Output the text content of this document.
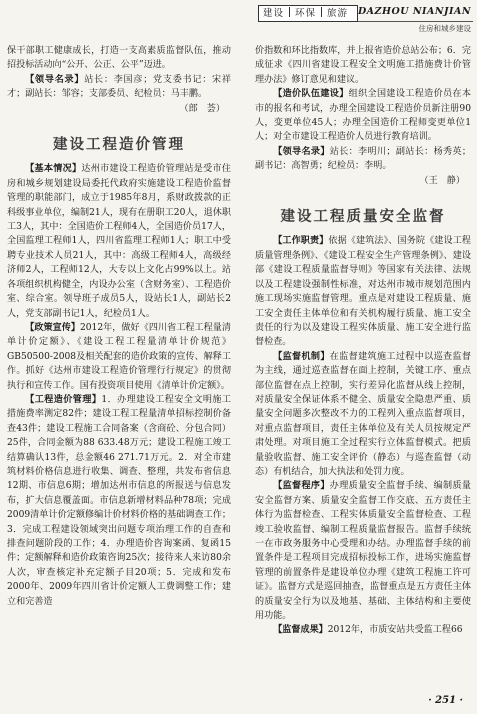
建设 环保 旅游	DAZHOU NIANJIAN
住房和城乡建设

保干部职工健康成长，打造一支高素质监督队伍，推动招投标活动向“公开、公正、公平”迈进。

【领导名录】站长：李国彦；党支委书记：宋祥才；副站长：邹容；支部委员、纪检员：马丰鹏。

（郎　荟）

建设工程造价管理

【基本情况】达州市建设工程造价管理站是受市住房和城乡规划建设局委托代政府实施建设工程造价监督管理的职能部门，成立于1985年8月，系财政拨款的正科级事业单位，编制21人，现有在册职工20人，退休职工3人，其中：全国造价工程师4人，全国造价员17人，全国监理工程师1人，四川省监理工程师1人；职工中受聘专业技术人员21人，其中：高级工程师4人，高级经济师2人，工程师12人，大专以上文化占99%以上。站各项组织机构健全，内设办公室（含财务室）、工程造价室、综合室。领导班子成员5人，设站长1人，副站长2人，党支部副书记1人，纪检员1人。

【政策宣传】2012年，做好《四川省工程工程量清单计价定额》、《建设工程工程量清单计价规范》GB50500-2008及相关配套的造价政策的宣传、解释工作。抓好《达州市建设工程造价管理行行规定》的贯彻执行和宣传工作。国有投资项目使用《清单计价定额》。

【工程造价管理】1．办理建设工程安全文明施工措施费率测定82件；建设工程工程量清单招标控制价备查43件；建设工程施工合同备案（含商砼、分包合同）25件，合同金额为88 633.48万元；建设工程施工竣工结算确认13件，总金额46 271.71万元。2．对全市建筑材料价格信息进行收集、调查、整理，共发布省信息12期、市信息6期；增加达州市信息的所报送与信息发布，扩大信息覆盖面。市信息新增材料品种78项；完成2009清单计价定额修编计价材料价格的基础调查工作；3．完成工程建设领域突出问题专项治理工作的自查和排查问题阶段的工作；4．办理造价咨询案函、复函15件；定额解释和造价政策咨询25次；接待来人来访80余人次，审查核定补充定额子目20项；5．完成和发布2000年、2009年四川省计价定额人工费调整工作；建立和完善造

价指数和环比指数库，并上报省造价总站公布；6．完成征求《四川省建设工程安全文明施工措施费计价管理办法》修订意见和建议。

【造价队伍建设】组织全国建设工程造价员在本市的报名和考试，办理全国建设工程造价员新注册90人，变更单位45人；办理全国造价工程师变更单位1人；对全市建设工程造价人员进行教育培训。

【领导名录】站长：李明川；副站长：杨秀英；副书记：高智勇；纪检员：李明。

（王　静）

建设工程质量安全监督

【工作职责】依据《建筑法》、国务院《建设工程质量管理条例》、《建设工程安全生产管理条例》、建设部《建设工程质量监督导则》等国家有关法律、法规以及工程建设强制性标准，对达州市城市规划范围内施工现场实施监督管理。重点是对建设工程质量、施工安全责任主体单位和有关机构履行质量、施工安全责任的行为以及建设工程实体质量、施工安全进行监督检查。

【监督机制】在监督建筑施工过程中以巡查监督为主线，通过巡查监督在面上控制，关键工序、重点部位监督在点上控制，实行差异化监督从线上控制，对质量安全保证体系不健全、质量安全隐患严重、质量安全问题多次整改不力的工程列入重点监督项目，对重点监督项目，责任主体单位及有关人员按规定严肃处理。对项目施工全过程实行立体监督模式。把质量验收监督、施工安全评价（静态）与巡查监督（动态）有机结合，加大执法和处罚力度。

【监督程序】办理质量安全监督手续、编制质量安全监督方案、质量安全监督工作交底、五方责任主体行为监督检查、工程实体质量安全监督检查、工程竣工验收监督、编制工程质量监督报告。监督手续统一在市政务服务中心受理和办结。办理监督手续的前置条件是工程项目完成招标投标工作，进场实施监督管理的前置条件是建设单位办理《建筑工程施工许可证》。监督方式是巡回抽查，监督重点是五方责任主体的质量安全行为以及地基、基础、主体结构和主要使用功能。

【监督成果】2012年，市质安站共受监工程66

· 251 ·
